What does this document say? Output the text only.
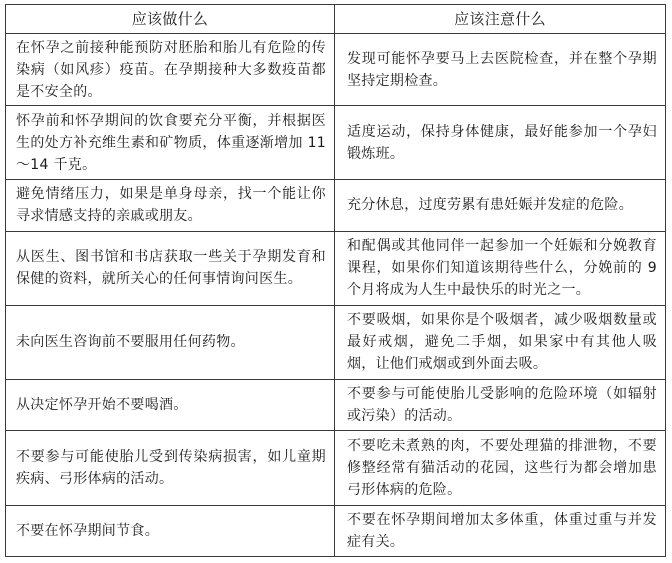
应该做什么	应该注意什么
在怀孕之前接种能预防对胚胎和胎儿有危险的传染病（如风疹）疫苗。在孕期接种大多数疫苗都是不安全的。	发现可能怀孕要马上去医院检查，并在整个孕期坚持定期检查。
怀孕前和怀孕期间的饮食要充分平衡，并根据医生的处方补充维生素和矿物质，体重逐渐增加 11～14 千克。	适度运动，保持身体健康，最好能参加一个孕妇锻炼班。
避免情绪压力，如果是单身母亲，找一个能让你寻求情感支持的亲戚或朋友。	充分休息，过度劳累有患妊娠并发症的危险。
从医生、图书馆和书店获取一些关于孕期发育和保健的资料，就所关心的任何事情询问医生。	和配偶或其他同伴一起参加一个妊娠和分娩教育课程，如果你们知道该期待些什么，分娩前的 9 个月将成为人生中最快乐的时光之一。
未向医生咨询前不要服用任何药物。	不要吸烟，如果你是个吸烟者，减少吸烟数量或最好戒烟，避免二手烟，如果家中有其他人吸烟，让他们戒烟或到外面去吸。
从决定怀孕开始不要喝酒。	不要参与可能使胎儿受影响的危险环境（如辐射或污染）的活动。
不要参与可能使胎儿受到传染病损害，如儿童期疾病、弓形体病的活动。	不要吃未煮熟的肉，不要处理猫的排泄物，不要修整经常有猫活动的花园，这些行为都会增加患弓形体病的危险。
不要在怀孕期间节食。	不要在怀孕期间增加太多体重，体重过重与并发症有关。
